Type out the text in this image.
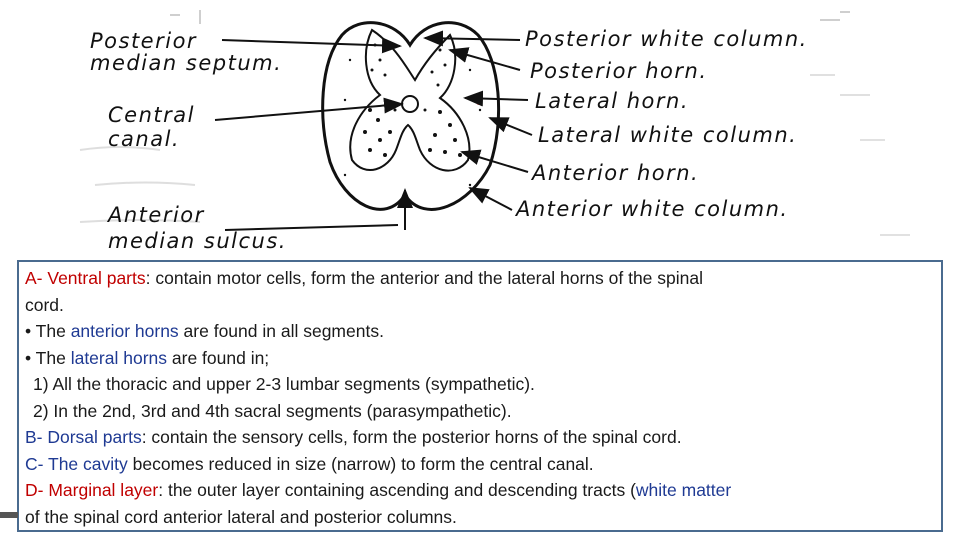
Posterior
median septum.
Central
canal.
Anterior
median sulcus.
Posterior white column.
Posterior horn.
Lateral horn.
Lateral white column.
Anterior horn.
Anterior white column.
A- Ventral parts: contain motor cells, form the anterior and the lateral horns of the spinal
cord.
• The anterior horns are found in all segments.
• The lateral horns are found in;
1) All the thoracic and upper 2-3 lumbar segments (sympathetic).
2) In the 2nd, 3rd and 4th sacral segments (parasympathetic).
B- Dorsal parts: contain the sensory cells, form the posterior horns of the spinal cord.
C- The cavity becomes reduced in size (narrow) to form the central canal.
D- Marginal layer: the outer layer containing ascending and descending tracts (white matter
of the spinal cord anterior lateral and posterior columns.
